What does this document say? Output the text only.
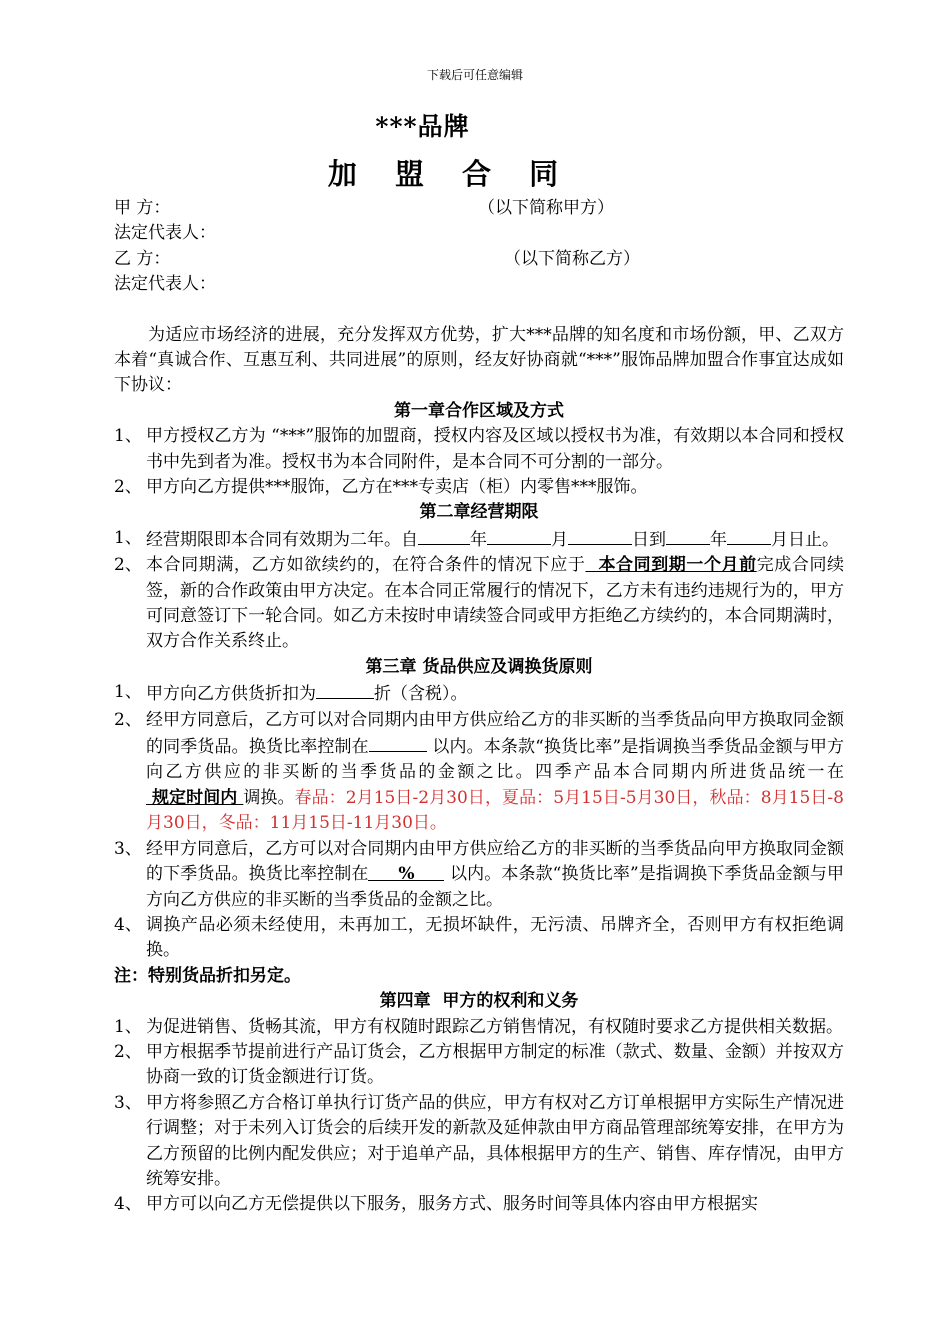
下载后可任意编辑
***品牌
加 盟 合 同
甲 方：	（以下简称甲方）
法定代表人：
乙 方：	（以下简称乙方）
法定代表人：

为适应市场经济的进展，充分发挥双方优势，扩大***品牌的知名度和市场份额，甲、乙双方本着“真诚合作、互惠互利、共同进展”的原则，经友好协商就“***”服饰品牌加盟合作事宜达成如下协议：

第一章合作区域及方式

1、 甲方授权乙方为 “***”服饰的加盟商，授权内容及区域以授权书为准，有效期以本合同和授权书中先到者为准。授权书为本合同附件，是本合同不可分割的一部分。

2、 甲方向乙方提供***服饰，乙方在***专卖店（柜）内零售***服饰。

第二章经营期限

1、 经营期限即本合同有效期为二年。自	年	月	日到	年	月日止。

2、 本合同期满，乙方如欲续约的，在符合条件的情况下应于  本合同到期一个月前完成合同续签，新的合作政策由甲方决定。在本合同正常履行的情况下，乙方未有违约违规行为的，甲方可同意签订下一轮合同。如乙方未按时申请续签合同或甲方拒绝乙方续约的，本合同期满时，双方合作关系终止。

第三章 货品供应及调换货原则

1、 甲方向乙方供货折扣为	折（含税）。

2、 经甲方同意后，乙方可以对合同期内由甲方供应给乙方的非买断的当季货品向甲方换取同金额的同季货品。换货比率控制在	以内。本条款“换货比率”是指调换当季货品金额与甲方向乙方供应的非买断的当季货品的金额之比。四季产品本合同期内所进货品统一在 规定时间内 调换。春品：2月15日-2月30日，夏品：5月15日-5月30日，秋品：8月15日-8月30日，冬品：11月15日-11月30日。

3、 经甲方同意后，乙方可以对合同期内由甲方供应给乙方的非买断的当季货品向甲方换取同金额的下季货品。换货比率控制在 % 以内。本条款“换货比率”是指调换下季货品金额与甲方向乙方供应的非买断的当季货品的金额之比。

4、 调换产品必须未经使用，未再加工，无损坏缺件，无污渍、吊牌齐全，否则甲方有权拒绝调换。

注：特别货品折扣另定。

第四章  甲方的权利和义务

1、 为促进销售、货畅其流，甲方有权随时跟踪乙方销售情况，有权随时要求乙方提供相关数据。

2、 甲方根据季节提前进行产品订货会，乙方根据甲方制定的标准（款式、数量、金额）并按双方协商一致的订货金额进行订货。

3、 甲方将参照乙方合格订单执行订货产品的供应，甲方有权对乙方订单根据甲方实际生产情况进行调整；对于未列入订货会的后续开发的新款及延伸款由甲方商品管理部统筹安排，在甲方为乙方预留的比例内配发供应；对于追单产品，具体根据甲方的生产、销售、库存情况，由甲方统筹安排。

4、 甲方可以向乙方无偿提供以下服务，服务方式、服务时间等具体内容由甲方根据实
